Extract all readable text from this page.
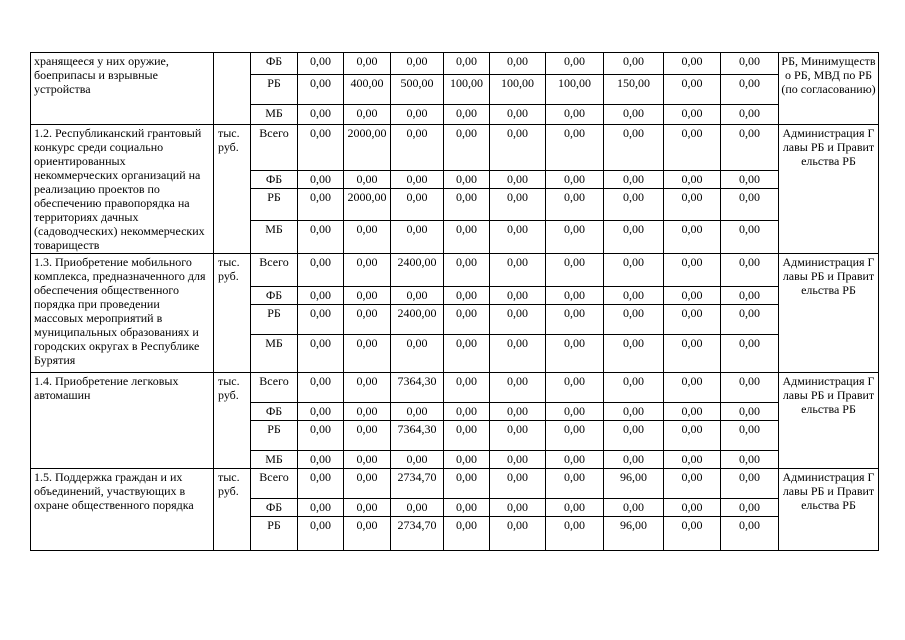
хранящееся у них оружие, боеприпасы и взрывные устройства		ФБ	0,00	0,00	0,00	0,00	0,00	0,00	0,00	0,00	0,00	РБ, Минимущество РБ, МВД по РБ (по согласованию)
		РБ	0,00	400,00	500,00	100,00	100,00	100,00	150,00	0,00	0,00	
		МБ	0,00	0,00	0,00	0,00	0,00	0,00	0,00	0,00	0,00	
1.2. Республиканский грантовый конкурс среди социально ориентированных некоммерческих организаций на реализацию проектов по обеспечению правопорядка на территориях дачных (садоводческих) некоммерческих товариществ	тыс. руб.	Всего	0,00	2000,00	0,00	0,00	0,00	0,00	0,00	0,00	0,00	Администрация Главы РБ и Правительства РБ
		ФБ	0,00	0,00	0,00	0,00	0,00	0,00	0,00	0,00	0,00	
		РБ	0,00	2000,00	0,00	0,00	0,00	0,00	0,00	0,00	0,00	
		МБ	0,00	0,00	0,00	0,00	0,00	0,00	0,00	0,00	0,00	
1.3. Приобретение мобильного комплекса, предназначенного для обеспечения общественного порядка при проведении массовых мероприятий в муниципальных образованиях и городских округах в Республике Бурятия	тыс. руб.	Всего	0,00	0,00	2400,00	0,00	0,00	0,00	0,00	0,00	0,00	Администрация Главы РБ и Правительства РБ
		ФБ	0,00	0,00	0,00	0,00	0,00	0,00	0,00	0,00	0,00	
		РБ	0,00	0,00	2400,00	0,00	0,00	0,00	0,00	0,00	0,00	
		МБ	0,00	0,00	0,00	0,00	0,00	0,00	0,00	0,00	0,00	
1.4. Приобретение легковых автомашин	тыс. руб.	Всего	0,00	0,00	7364,30	0,00	0,00	0,00	0,00	0,00	0,00	Администрация Главы РБ и Правительства РБ
		ФБ	0,00	0,00	0,00	0,00	0,00	0,00	0,00	0,00	0,00	
		РБ	0,00	0,00	7364,30	0,00	0,00	0,00	0,00	0,00	0,00	
		МБ	0,00	0,00	0,00	0,00	0,00	0,00	0,00	0,00	0,00	
1.5. Поддержка граждан и их объединений, участвующих в охране общественного порядка	тыс. руб.	Всего	0,00	0,00	2734,70	0,00	0,00	0,00	96,00	0,00	0,00	Администрация Главы РБ и Правительства РБ
		ФБ	0,00	0,00	0,00	0,00	0,00	0,00	0,00	0,00	0,00	
		РБ	0,00	0,00	2734,70	0,00	0,00	0,00	96,00	0,00	0,00	
